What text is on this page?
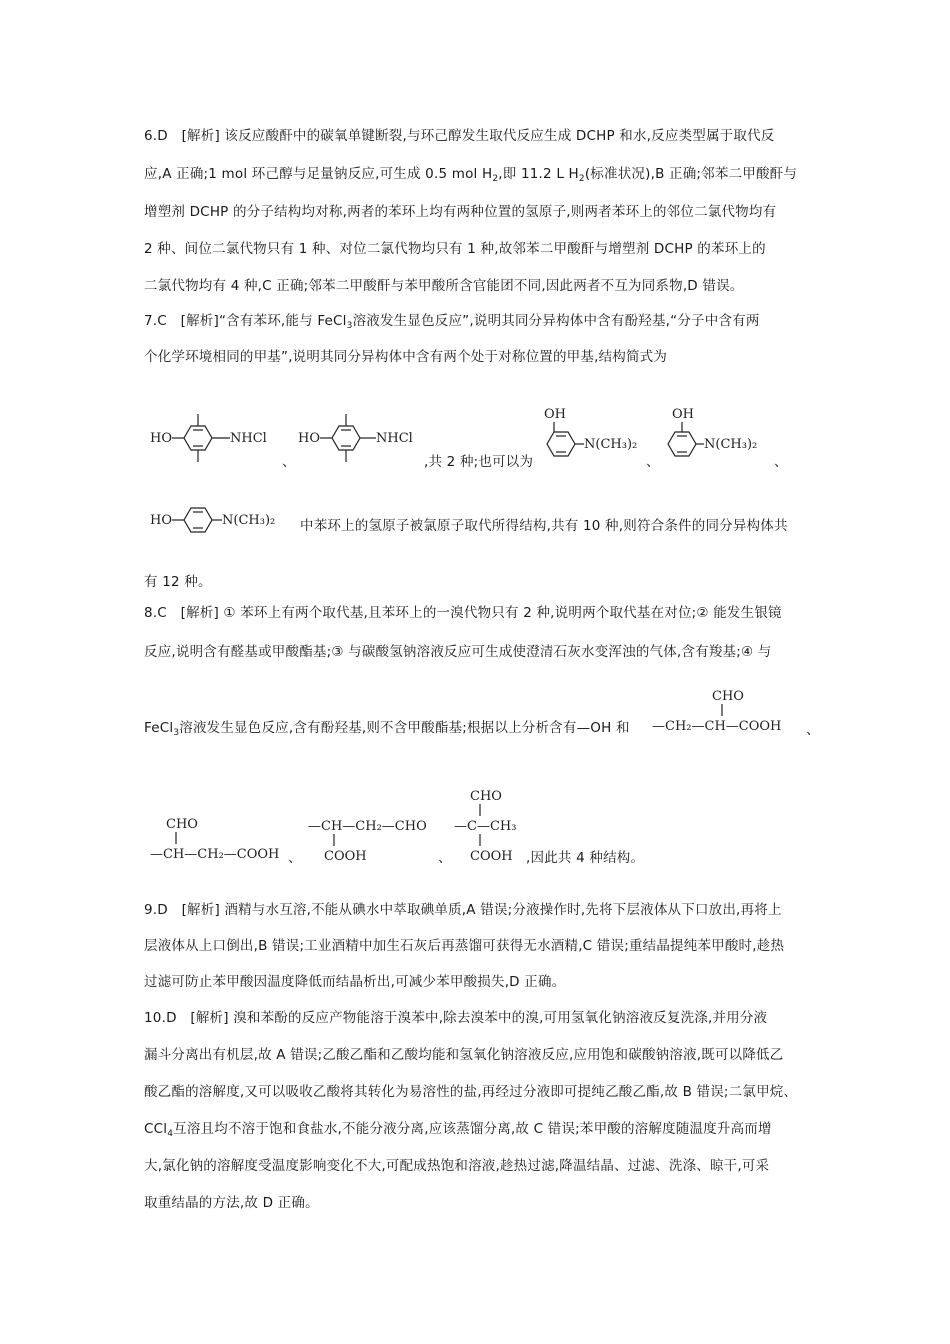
6.D　[解析] 该反应酸酐中的碳氧单键断裂,与环己醇发生取代反应生成 DCHP 和水,反应类型属于取代反
应,A 正确;1 mol 环己醇与足量钠反应,可生成 0.5 mol $H_2$,即 11.2 L $H_2$(标准状况),B 正确;邻苯二甲酸酐与
增塑剂 DCHP 的分子结构均对称,两者的苯环上均有两种位置的氢原子,则两者苯环上的邻位二氯代物均有
2 种、间位二氯代物只有 1 种、对位二氯代物均只有 1 种,故邻苯二甲酸酐与增塑剂 DCHP 的苯环上的
二氯代物均有 4 种,C 正确;邻苯二甲酸酐与苯甲酸所含官能团不同,因此两者不互为同系物,D 错误。
7.C　[解析]“含有苯环,能与 FeCl$_3$溶液发生显色反应”,说明其同分异构体中含有酚羟基,“分子中含有两
个化学环境相同的甲基”,说明其同分异构体中含有两个处于对称位置的甲基,结构简式为
HO	NHCl
、
HO	NHCl
,共 2 种;也可以为
OH
N(CH₃)₂
、
OH
N(CH₃)₂
、
HO	N(CH₃)₂ 中苯环上的氢原子被氯原子取代所得结构,共有 10 种,则符合条件的同分异构体共
有 12 种。
8.C　[解析] ① 苯环上有两个取代基,且苯环上的一溴代物只有 2 种,说明两个取代基在对位;② 能发生银镜
反应,说明含有醛基或甲酸酯基;③ 与碳酸氢钠溶液反应可生成使澄清石灰水变浑浊的气体,含有羧基;④ 与
FeCl$_3$溶液发生显色反应,含有酚羟基,则不含甲酸酯基;根据以上分析含有—OH 和
CHO
—CH₂—CH—COOH 、
CHO
—CH—CH₂—COOH 、
—CH—CH₂—CHO
COOH	、
CHO
—C—CH₃
COOH ,因此共 4 种结构。
9.D　[解析] 酒精与水互溶,不能从碘水中萃取碘单质,A 错误;分液操作时,先将下层液体从下口放出,再将上
层液体从上口倒出,B 错误;工业酒精中加生石灰后再蒸馏可获得无水酒精,C 错误;重结晶提纯苯甲酸时,趁热
过滤可防止苯甲酸因温度降低而结晶析出,可减少苯甲酸损失,D 正确。
10.D　[解析] 溴和苯酚的反应产物能溶于溴苯中,除去溴苯中的溴,可用氢氧化钠溶液反复洗涤,并用分液
漏斗分离出有机层,故 A 错误;乙酸乙酯和乙酸均能和氢氧化钠溶液反应,应用饱和碳酸钠溶液,既可以降低乙
酸乙酯的溶解度,又可以吸收乙酸将其转化为易溶性的盐,再经过分液即可提纯乙酸乙酯,故 B 错误;二氯甲烷、
CCl$_4$互溶且均不溶于饱和食盐水,不能分液分离,应该蒸馏分离,故 C 错误;苯甲酸的溶解度随温度升高而增
大,氯化钠的溶解度受温度影响变化不大,可配成热饱和溶液,趁热过滤,降温结晶、过滤、洗涤、晾干,可采
取重结晶的方法,故 D 正确。
